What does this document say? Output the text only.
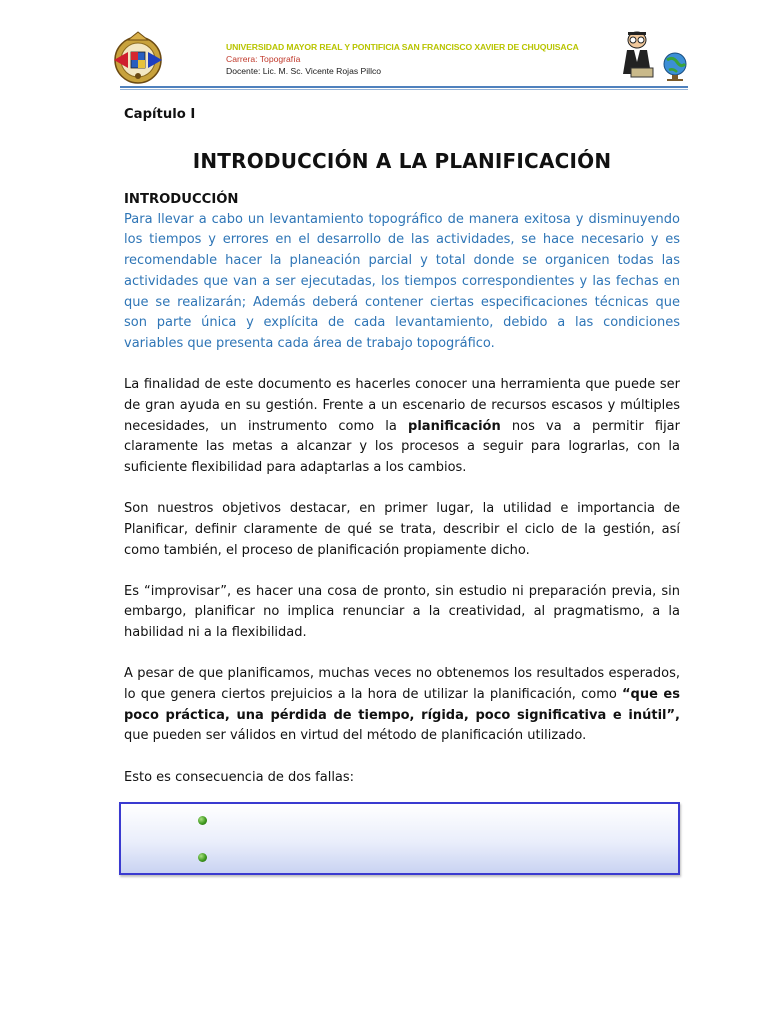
UNIVERSIDAD MAYOR REAL Y PONTIFICIA SAN FRANCISCO XAVIER DE CHUQUISACA
Carrera: Topografía
Docente: Lic. M. Sc. Vicente Rojas Pillco
Capítulo I
INTRODUCCIÓN A LA PLANIFICACIÓN
INTRODUCCIÓN

Para llevar a cabo un levantamiento topográfico de manera exitosa y disminuyendo los tiempos y errores en el desarrollo de las actividades, se hace necesario y es recomendable hacer la planeación parcial y total donde se organicen todas las actividades que van a ser ejecutadas, los tiempos correspondientes y las fechas en que se realizarán; Además deberá contener ciertas especificaciones técnicas que son parte única y explícita de cada levantamiento, debido a las condiciones variables que presenta cada área de trabajo topográfico.

La finalidad de este documento es hacerles conocer una herramienta que puede ser de gran ayuda en su gestión. Frente a un escenario de recursos escasos y múltiples necesidades, un instrumento como la planificación nos va a permitir fijar claramente las metas a alcanzar y los procesos a seguir para lograrlas, con la suficiente flexibilidad para adaptarlas a los cambios.

Son nuestros objetivos destacar, en primer lugar, la utilidad e importancia de Planificar, definir claramente de qué se trata, describir el ciclo de la gestión, así como también, el proceso de planificación propiamente dicho.

Es “improvisar”, es hacer una cosa de pronto, sin estudio ni preparación previa, sin embargo, planificar no implica renunciar a la creatividad, al pragmatismo, a la habilidad ni a la flexibilidad.

A pesar de que planificamos, muchas veces no obtenemos los resultados esperados, lo que genera ciertos prejuicios a la hora de utilizar la planificación, como “que es poco práctica, una pérdida de tiempo, rígida, poco significativa e inútil”, que pueden ser válidos en virtud del método de planificación utilizado.

Esto es consecuencia de dos fallas:
